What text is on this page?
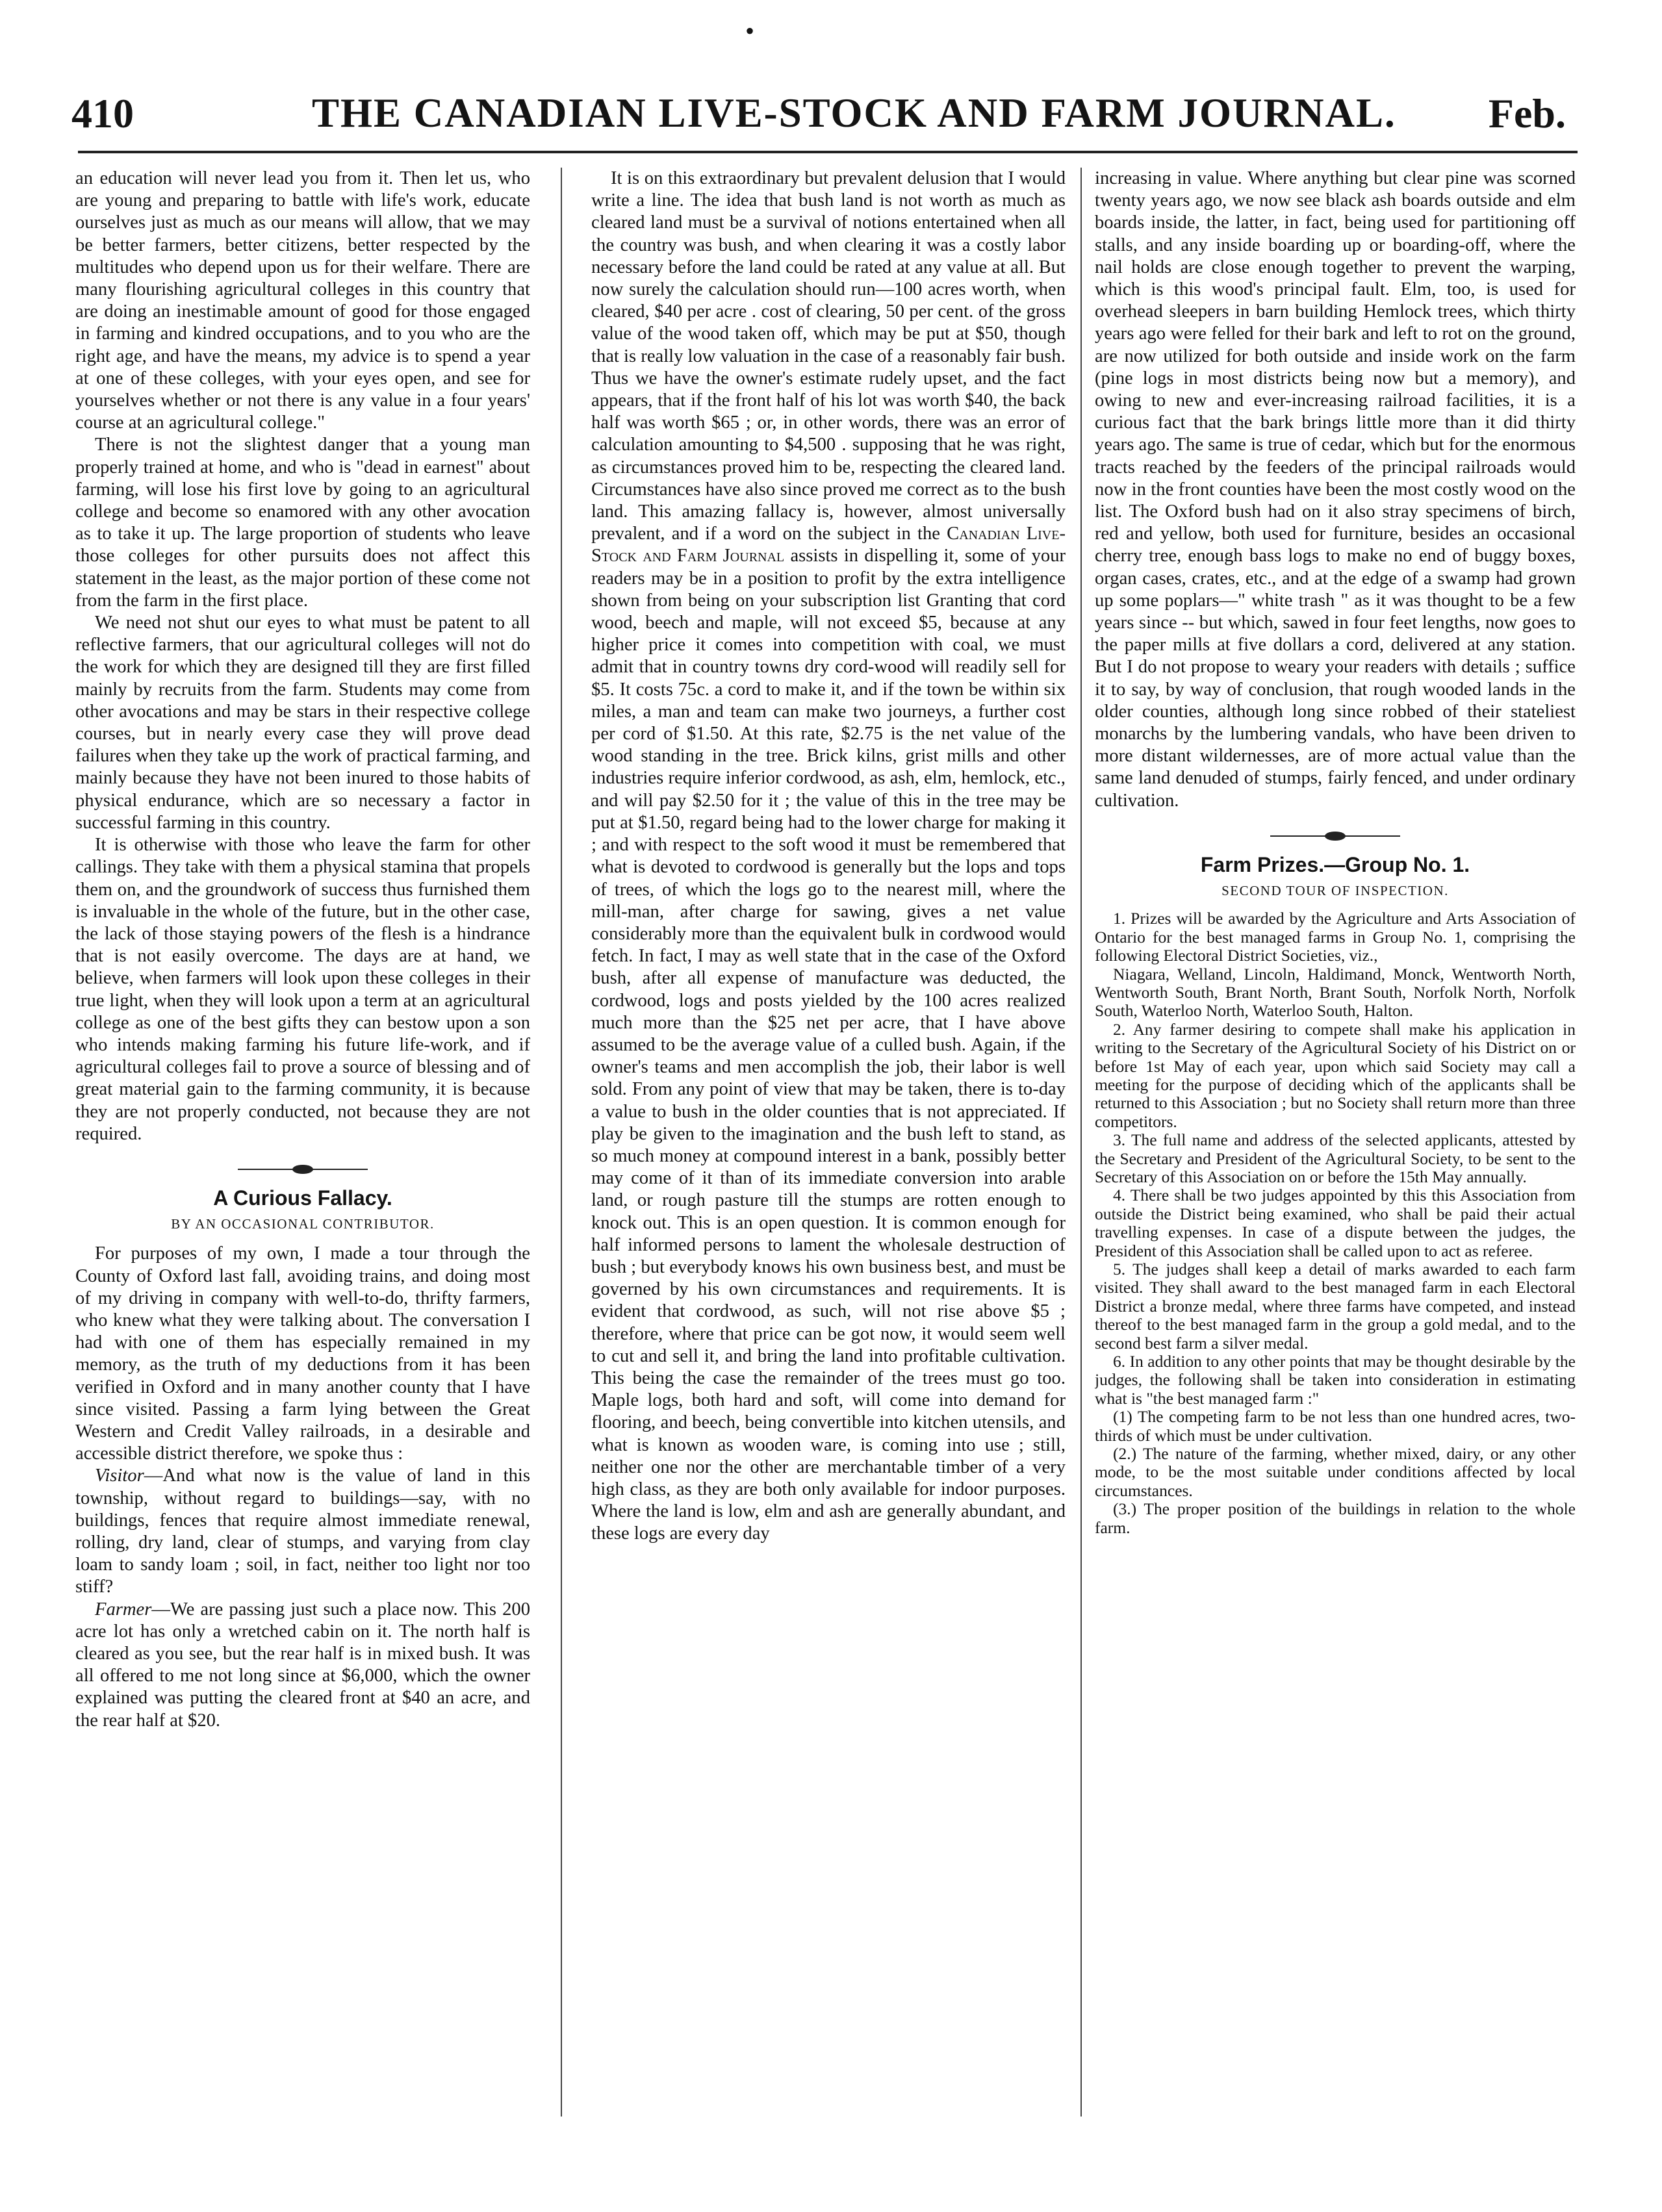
•
410	THE CANADIAN LIVE-STOCK AND FARM JOURNAL. Feb.

an education will never lead you from it. Then let us, who are young and preparing to battle with life's work, educate ourselves just as much as our means will allow, that we may be better farmers, better citizens, better respected by the multitudes who depend upon us for their welfare. There are many flourishing agricultural colleges in this country that are doing an inestimable amount of good for those engaged in farming and kindred occupations, and to you who are the right age, and have the means, my advice is to spend a year at one of these colleges, with your eyes open, and see for yourselves whether or not there is any value in a four years' course at an agricultural college."

There is not the slightest danger that a young man properly trained at home, and who is "dead in earnest" about farming, will lose his first love by going to an agricultural college and become so enamored with any other avocation as to take it up. The large proportion of students who leave those colleges for other pursuits does not affect this statement in the least, as the major portion of these come not from the farm in the first place.

We need not shut our eyes to what must be patent to all reflective farmers, that our agricultural colleges will not do the work for which they are designed till they are first filled mainly by recruits from the farm. Students may come from other avocations and may be stars in their respective college courses, but in nearly every case they will prove dead failures when they take up the work of practical farming, and mainly because they have not been inured to those habits of physical endurance, which are so necessary a factor in successful farming in this country.

It is otherwise with those who leave the farm for other callings. They take with them a physical stamina that propels them on, and the groundwork of success thus furnished them is invaluable in the whole of the future, but in the other case, the lack of those staying powers of the flesh is a hindrance that is not easily overcome. The days are at hand, we believe, when farmers will look upon these colleges in their true light, when they will look upon a term at an agricultural college as one of the best gifts they can bestow upon a son who intends making farming his future life-work, and if agricultural colleges fail to prove a source of blessing and of great material gain to the farming community, it is because they are not properly conducted, not because they are not required.

A Curious Fallacy.
BY AN OCCASIONAL CONTRIBUTOR.

For purposes of my own, I made a tour through the County of Oxford last fall, avoiding trains, and doing most of my driving in company with well-to-do, thrifty farmers, who knew what they were talking about. The conversation I had with one of them has especially remained in my memory, as the truth of my deductions from it has been verified in Oxford and in many another county that I have since visited. Passing a farm lying between the Great Western and Credit Valley railroads, in a desirable and accessible district therefore, we spoke thus :

Visitor—And what now is the value of land in this township, without regard to buildings—say, with no buildings, fences that require almost immediate renewal, rolling, dry land, clear of stumps, and varying from clay loam to sandy loam ; soil, in fact, neither too light nor too stiff?

Farmer—We are passing just such a place now. This 200 acre lot has only a wretched cabin on it. The north half is cleared as you see, but the rear half is in mixed bush. It was all offered to me not long since at $6,000, which the owner explained was putting the cleared front at $40 an acre, and the rear half at $20.

It is on this extraordinary but prevalent delusion that I would write a line. The idea that bush land is not worth as much as cleared land must be a survival of notions entertained when all the country was bush, and when clearing it was a costly labor necessary before the land could be rated at any value at all. But now surely the calculation should run—100 acres worth, when cleared, $40 per acre . cost of clearing, 50 per cent. of the gross value of the wood taken off, which may be put at $50, though that is really low valuation in the case of a reasonably fair bush. Thus we have the owner's estimate rudely upset, and the fact appears, that if the front half of his lot was worth $40, the back half was worth $65 ; or, in other words, there was an error of calculation amounting to $4,500 . supposing that he was right, as circumstances proved him to be, respecting the cleared land. Circumstances have also since proved me correct as to the bush land. This amazing fallacy is, however, almost universally prevalent, and if a word on the subject in the Canadian Live-Stock and Farm Journal assists in dispelling it, some of your readers may be in a position to profit by the extra intelligence shown from being on your subscription list Granting that cord wood, beech and maple, will not exceed $5, because at any higher price it comes into competition with coal, we must admit that in country towns dry cord-wood will readily sell for $5. It costs 75c. a cord to make it, and if the town be within six miles, a man and team can make two journeys, a further cost per cord of $1.50. At this rate, $2.75 is the net value of the wood standing in the tree. Brick kilns, grist mills and other industries require inferior cordwood, as ash, elm, hemlock, etc., and will pay $2.50 for it ; the value of this in the tree may be put at $1.50, regard being had to the lower charge for making it ; and with respect to the soft wood it must be remembered that what is devoted to cordwood is generally but the lops and tops of trees, of which the logs go to the nearest mill, where the mill-man, after charge for sawing, gives a net value considerably more than the equivalent bulk in cordwood would fetch. In fact, I may as well state that in the case of the Oxford bush, after all expense of manufacture was deducted, the cordwood, logs and posts yielded by the 100 acres realized much more than the $25 net per acre, that I have above assumed to be the average value of a culled bush. Again, if the owner's teams and men accomplish the job, their labor is well sold. From any point of view that may be taken, there is to-day a value to bush in the older counties that is not appreciated. If play be given to the imagination and the bush left to stand, as so much money at compound interest in a bank, possibly better may come of it than of its immediate conversion into arable land, or rough pasture till the stumps are rotten enough to knock out. This is an open question. It is common enough for half informed persons to lament the wholesale destruction of bush ; but everybody knows his own business best, and must be governed by his own circumstances and requirements. It is evident that cordwood, as such, will not rise above $5 ; therefore, where that price can be got now, it would seem well to cut and sell it, and bring the land into profitable cultivation. This being the case the remainder of the trees must go too. Maple logs, both hard and soft, will come into demand for flooring, and beech, being convertible into kitchen utensils, and what is known as wooden ware, is coming into use ; still, neither one nor the other are merchantable timber of a very high class, as they are both only available for indoor purposes. Where the land is low, elm and ash are generally abundant, and these logs are every day

increasing in value. Where anything but clear pine was scorned twenty years ago, we now see black ash boards outside and elm boards inside, the latter, in fact, being used for partitioning off stalls, and any inside boarding up or boarding-off, where the nail holds are close enough together to prevent the warping, which is this wood's principal fault. Elm, too, is used for overhead sleepers in barn building Hemlock trees, which thirty years ago were felled for their bark and left to rot on the ground, are now utilized for both outside and inside work on the farm (pine logs in most districts being now but a memory), and owing to new and ever-increasing railroad facilities, it is a curious fact that the bark brings little more than it did thirty years ago. The same is true of cedar, which but for the enormous tracts reached by the feeders of the principal railroads would now in the front counties have been the most costly wood on the list. The Oxford bush had on it also stray specimens of birch, red and yellow, both used for furniture, besides an occasional cherry tree, enough bass logs to make no end of buggy boxes, organ cases, crates, etc., and at the edge of a swamp had grown up some poplars—" white trash " as it was thought to be a few years since -- but which, sawed in four feet lengths, now goes to the paper mills at five dollars a cord, delivered at any station. But I do not propose to weary your readers with details ; suffice it to say, by way of conclusion, that rough wooded lands in the older counties, although long since robbed of their stateliest monarchs by the lumbering vandals, who have been driven to more distant wildernesses, are of more actual value than the same land denuded of stumps, fairly fenced, and under ordinary cultivation.

Farm Prizes.—Group No. 1.
SECOND TOUR OF INSPECTION.

1. Prizes will be awarded by the Agriculture and Arts Association of Ontario for the best managed farms in Group No. 1, comprising the following Electoral District Societies, viz.,

Niagara, Welland, Lincoln, Haldimand, Monck, Wentworth North, Wentworth South, Brant North, Brant South, Norfolk North, Norfolk South, Waterloo North, Waterloo South, Halton.

2. Any farmer desiring to compete shall make his application in writing to the Secretary of the Agricultural Society of his District on or before 1st May of each year, upon which said Society may call a meeting for the purpose of deciding which of the applicants shall be returned to this Association ; but no Society shall return more than three competitors.

3. The full name and address of the selected applicants, attested by the Secretary and President of the Agricultural Society, to be sent to the Secretary of this Association on or before the 15th May annually.

4. There shall be two judges appointed by this this Association from outside the District being examined, who shall be paid their actual travelling expenses. In case of a dispute between the judges, the President of this Association shall be called upon to act as referee.

5. The judges shall keep a detail of marks awarded to each farm visited. They shall award to the best managed farm in each Electoral District a bronze medal, where three farms have competed, and instead thereof to the best managed farm in the group a gold medal, and to the second best farm a silver medal.

6. In addition to any other points that may be thought desirable by the judges, the following shall be taken into consideration in estimating what is "the best managed farm :"

(1) The competing farm to be not less than one hundred acres, two-thirds of which must be under cultivation.

(2.) The nature of the farming, whether mixed, dairy, or any other mode, to be the most suitable under conditions affected by local circumstances.

(3.) The proper position of the buildings in relation to the whole farm.
